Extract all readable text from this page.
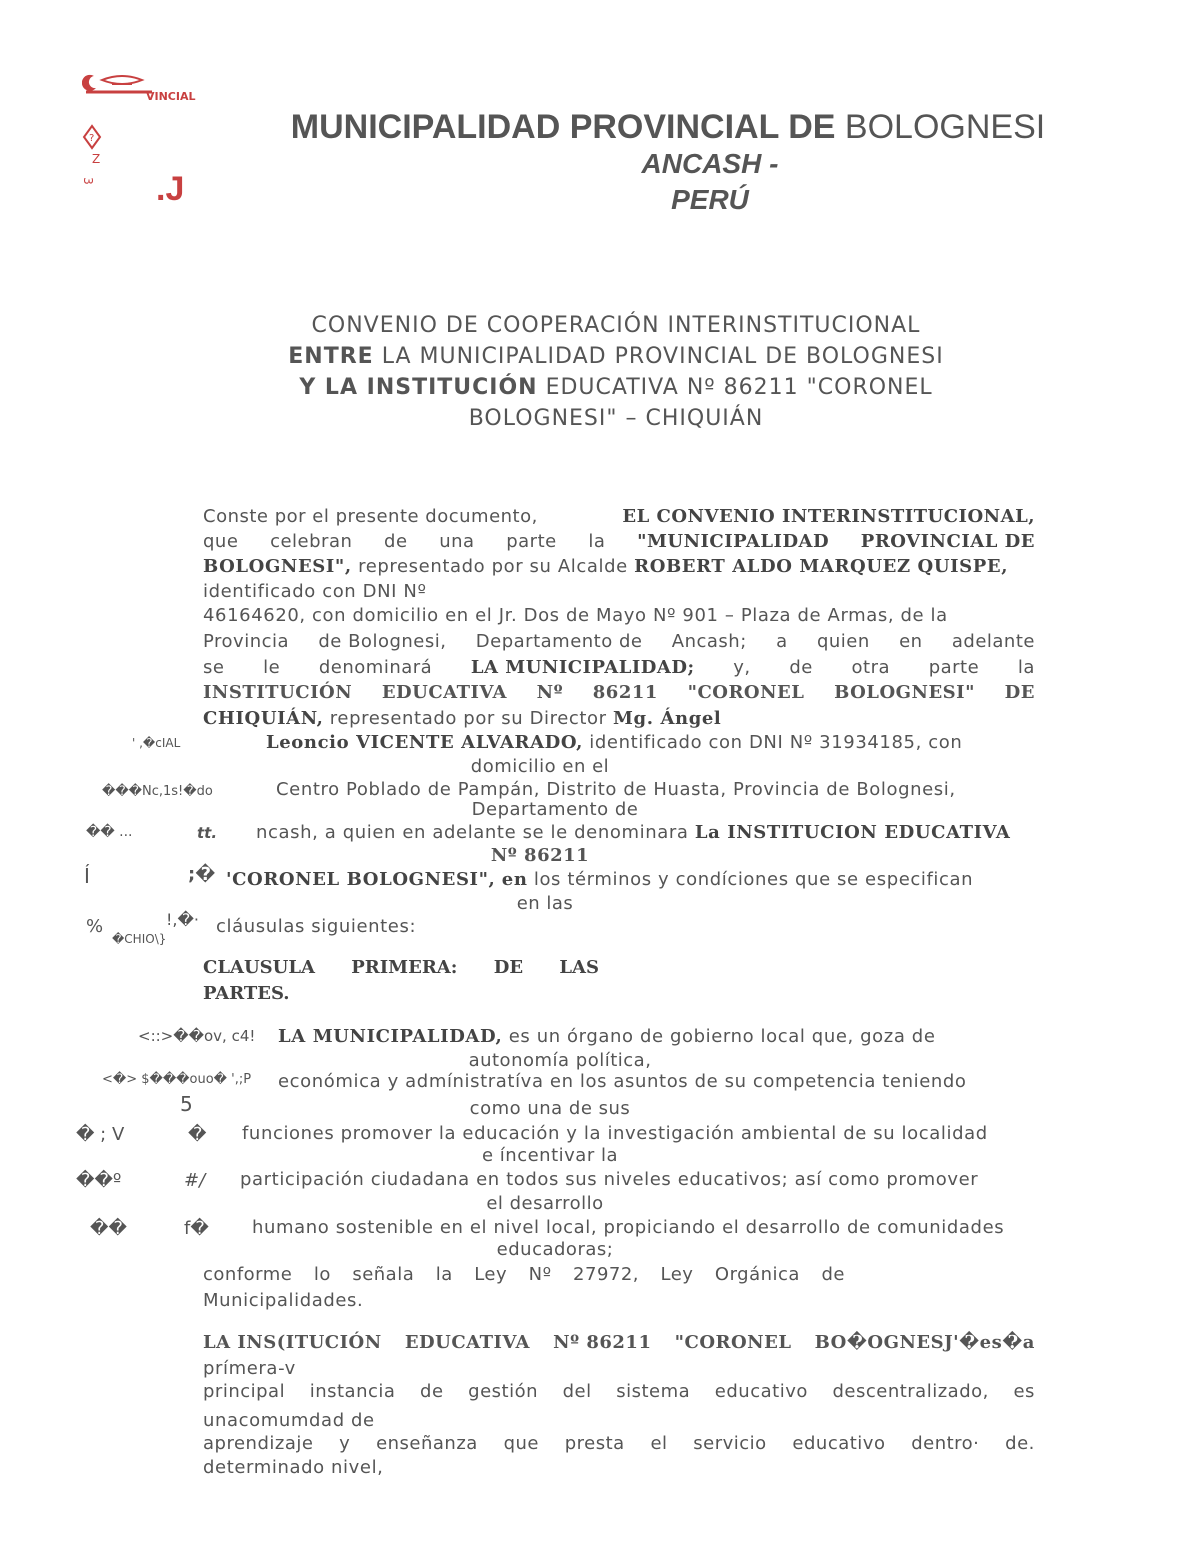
VINCIAL
?
Z
3 .J
MUNICIPALIDAD PROVINCIAL DE BOLOGNESI
ANCASH -
PERÚ
CONVENIO DE COOPERACIÓN INTERINSTITUCIONAL
ENTRE LA MUNICIPALIDAD PROVINCIAL DE BOLOGNESI
Y LA INSTITUCIÓN EDUCATIVA Nº 86211 "CORONEL
BOLOGNESI" – CHIQUIÁN
Conste por el presente documento,	EL CONVENIO INTERINSTITUCIONAL,
que celebran de una parte la "MUNICIPALIDAD PROVINCIAL DE
BOLOGNESI", representado por su Alcalde ROBERT ALDO MARQUEZ QUISPE,
identificado con DNI Nº
46164620, con domicilio en el Jr. Dos de Mayo Nº 901 – Plaza de Armas, de la
Provincia de Bolognesi, Departamento de Ancash; a quien en adelante
se le denominará LA MUNICIPALIDAD; y, de otra parte la
INSTITUCIÓN EDUCATIVA Nº 86211 "CORONEL BOLOGNESI" DE
CHIQUIÁN, representado por su Director Mg. Ángel
' ,�cIAL	Leoncio VICENTE ALVARADO, identificado con DNI Nº 31934185, con
domicilio en el
���Nc,1s!�do	Centro Poblado de Pampán, Distrito de Huasta, Provincia de Bolognesi,
Departamento de
�� ...	tt. ncash, a quien en adelante se le denominara La INSTITUCION EDUCATIVA
Nº 86211
Í	;� 'CORONEL BOLOGNESI", en los términos y condíciones que se especifican
en las
%
�CHIO\}
!,�· cláusulas siguientes:
CLAUSULA PRIMERA: DE LAS
PARTES.
<::>��ov, c4! LA MUNICIPALIDAD, es un órgano de gobierno local que, goza de
autonomía política,
<�> $���ouo� ',;P económica y admínistratíva en los asuntos de su competencia teniendo
5	como una de sus
� ; V	� funciones promover la educación y la investigación ambiental de su localidad
e íncentivar la
��º	#/ participación ciudadana en todos sus niveles educativos; así como promover
el desarrollo
��	f� humano sostenible en el nivel local, propiciando el desarrollo de comunidades
educadoras;
conforme lo señala la Ley Nº 27972, Ley Orgánica de
Municipalidades.
LA INS(ITUCIÓN EDUCATIVA Nº 86211 "CORONEL BO�OGNESJ'�es�a
prímera-v
principal instancia de gestión del sistema educativo descentralizado, es
unacomumdad de
aprendizaje y enseñanza que presta el servicio educativo dentro· de.
determinado nivel,
